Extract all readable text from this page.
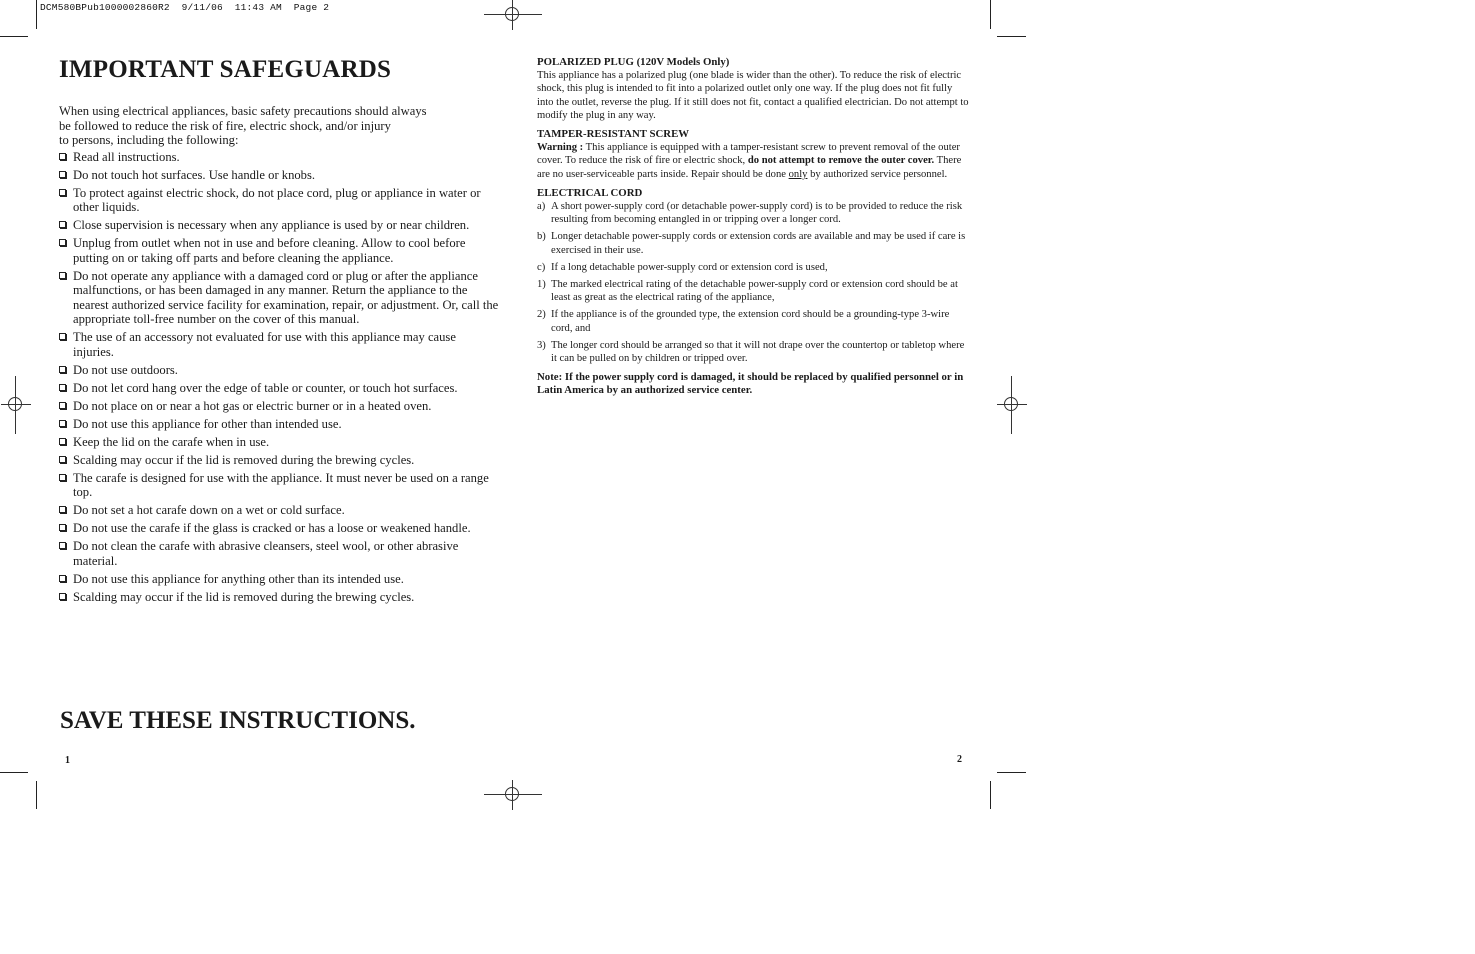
DCM580BPub1000002860R2  9/11/06  11:43 AM  Page 2
IMPORTANT SAFEGUARDS
When using electrical appliances, basic safety precautions should always
be followed to reduce the risk of fire, electric shock, and/or injury
to persons, including the following:
Read all instructions.
Do not touch hot surfaces. Use handle or knobs.
To protect against electric shock, do not place cord, plug or appliance in water or other liquids.
Close supervision is necessary when any appliance is used by or near children.
Unplug from outlet when not in use and before cleaning. Allow to cool before putting on or taking off parts and before cleaning the appliance.
Do not operate any appliance with a damaged cord or plug or after the appliance malfunctions, or has been damaged in any manner. Return the appliance to the nearest authorized service facility for examination, repair, or adjustment. Or, call the appropriate toll-free number on the cover of this manual.
The use of an accessory not evaluated for use with this appliance may cause injuries.
Do not use outdoors.
Do not let cord hang over the edge of table or counter, or touch hot surfaces.
Do not place on or near a hot gas or electric burner or in a heated oven.
Do not use this appliance for other than intended use.
Keep the lid on the carafe when in use.
Scalding may occur if the lid is removed during the brewing cycles.
The carafe is designed for use with the appliance. It must never be used on a range top.
Do not set a hot carafe down on a wet or cold surface.
Do not use the carafe if the glass is cracked or has a loose or weakened handle.
Do not clean the carafe with abrasive cleansers, steel wool, or other abrasive material.
Do not use this appliance for anything other than its intended use.
Scalding may occur if the lid is removed during the brewing cycles.
SAVE THESE INSTRUCTIONS.
1
POLARIZED PLUG (120V Models Only)

This appliance has a polarized plug (one blade is wider than the other). To reduce the risk of electric shock, this plug is intended to fit into a polarized outlet only one way. If the plug does not fit fully into the outlet, reverse the plug. If it still does not fit, contact a qualified electrician. Do not attempt to modify the plug in any way.

TAMPER-RESISTANT SCREW

Warning : This appliance is equipped with a tamper-resistant screw to prevent removal of the outer cover. To reduce the risk of fire or electric shock, do not attempt to remove the outer cover. There are no user-serviceable parts inside. Repair should be done only by authorized service personnel.

ELECTRICAL CORD
a) A short power-supply cord (or detachable power-supply cord) is to be provided to reduce the risk resulting from becoming entangled in or tripping over a longer cord.
b) Longer detachable power-supply cords or extension cords are available and may be used if care is exercised in their use.
c) If a long detachable power-supply cord or extension cord is used,
1) The marked electrical rating of the detachable power-supply cord or extension cord should be at least as great as the electrical rating of the appliance,
2) If the appliance is of the grounded type, the extension cord should be a grounding-type 3-wire cord, and
3) The longer cord should be arranged so that it will not drape over the countertop or tabletop where it can be pulled on by children or tripped over.
Note: If the power supply cord is damaged, it should be replaced by qualified personnel or in Latin America by an authorized service center.
2
